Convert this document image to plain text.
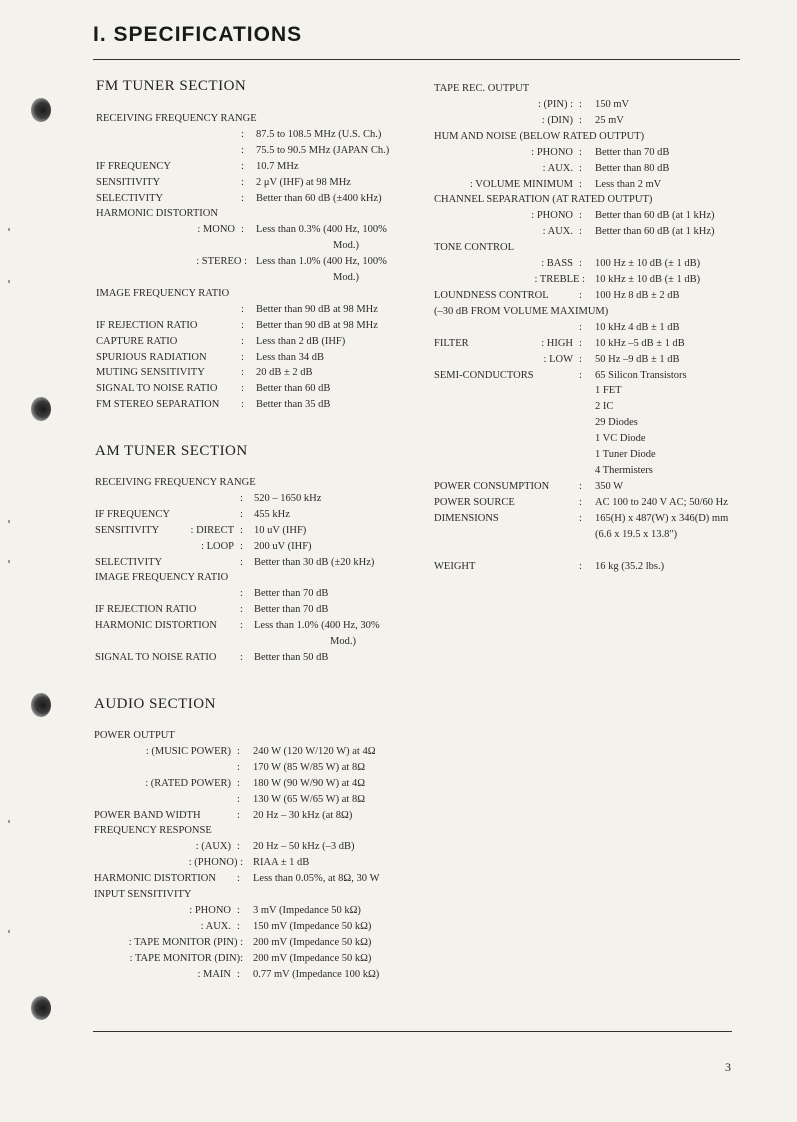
I. SPECIFICATIONS
FM TUNER SECTION
RECEIVING FREQUENCY RANGE
: 87.5 to 108.5 MHz (U.S. Ch.)
: 75.5 to 90.5 MHz (JAPAN Ch.)
IF FREQUENCY	: 10.7 MHz
SENSITIVITY	: 2 μV (IHF) at 98 MHz
SELECTIVITY	: Better than 60 dB (±400 kHz)
HARMONIC DISTORTION
: MONO : Less than 0.3% (400 Hz, 100%
Mod.)
: STEREO : Less than 1.0% (400 Hz, 100%
Mod.)
IMAGE FREQUENCY RATIO
: Better than 90 dB at 98 MHz
IF REJECTION RATIO	: Better than 90 dB at 98 MHz
CAPTURE RATIO	: Less than 2 dB (IHF)
SPURIOUS RADIATION	: Less than 34 dB
MUTING SENSITIVITY	: 20 dB ± 2 dB
SIGNAL TO NOISE RATIO : Better than 60 dB
FM STEREO SEPARATION : Better than 35 dB
AM TUNER SECTION
RECEIVING FREQUENCY RANGE
: 520 – 1650 kHz
IF FREQUENCY	: 455 kHz
SENSITIVITY	: DIRECT : 10 uV (IHF)
: LOOP : 200 uV (IHF)
SELECTIVITY	: Better than 30 dB (±20 kHz)
IMAGE FREQUENCY RATIO
: Better than 70 dB
IF REJECTION RATIO	: Better than 70 dB
HARMONIC DISTORTION : Less than 1.0% (400 Hz, 30%
Mod.)
SIGNAL TO NOISE RATIO : Better than 50 dB
AUDIO SECTION
POWER OUTPUT
: (MUSIC POWER) : 240 W (120 W/120 W) at 4Ω
: 170 W (85 W/85 W) at 8Ω
: (RATED POWER) : 180 W (90 W/90 W) at 4Ω
: 130 W (65 W/65 W) at 8Ω
POWER BAND WIDTH	: 20 Hz – 30 kHz (at 8Ω)
FREQUENCY RESPONSE
: (AUX) : 20 Hz – 50 kHz (–3 dB)
: (PHONO) : RIAA ± 1 dB
HARMONIC DISTORTION : Less than 0.05%, at 8Ω, 30 W
INPUT SENSITIVITY
: PHONO : 3 mV (Impedance 50 kΩ)
: AUX. : 150 mV (Impedance 50 kΩ)
: TAPE MONITOR (PIN) : 200 mV (Impedance 50 kΩ)
: TAPE MONITOR (DIN): 200 mV (Impedance 50 kΩ)
: MAIN : 0.77 mV (Impedance 100 kΩ)
TAPE REC. OUTPUT
: (PIN) : : 150 mV
: (DIN) : 25 mV
HUM AND NOISE (BELOW RATED OUTPUT)
: PHONO : Better than 70 dB
: AUX. : Better than 80 dB
: VOLUME MINIMUM : Less than 2 mV
CHANNEL SEPARATION (AT RATED OUTPUT)
: PHONO : Better than 60 dB (at 1 kHz)
: AUX. : Better than 60 dB (at 1 kHz)
TONE CONTROL
: BASS : 100 Hz ± 10 dB (± 1 dB)
: TREBLE : 10 kHz ± 10 dB (± 1 dB)
LOUNDNESS CONTROL	: 100 Hz 8 dB ± 2 dB
(–30 dB FROM VOLUME MAXIMUM)
: 10 kHz 4 dB ± 1 dB
FILTER	: HIGH : 10 kHz –5 dB ± 1 dB
: LOW : 50 Hz –9 dB ± 1 dB
SEMI-CONDUCTORS	: 65 Silicon Transistors
1 FET
2 IC
29 Diodes
1 VC Diode
1 Tuner Diode
4 Thermisters
POWER CONSUMPTION	: 350 W
POWER SOURCE	: AC 100 to 240 V AC; 50/60 Hz
DIMENSIONS	: 165(H) x 487(W) x 346(D) mm
(6.6 x 19.5 x 13.8")
WEIGHT	: 16 kg (35.2 lbs.)
3
